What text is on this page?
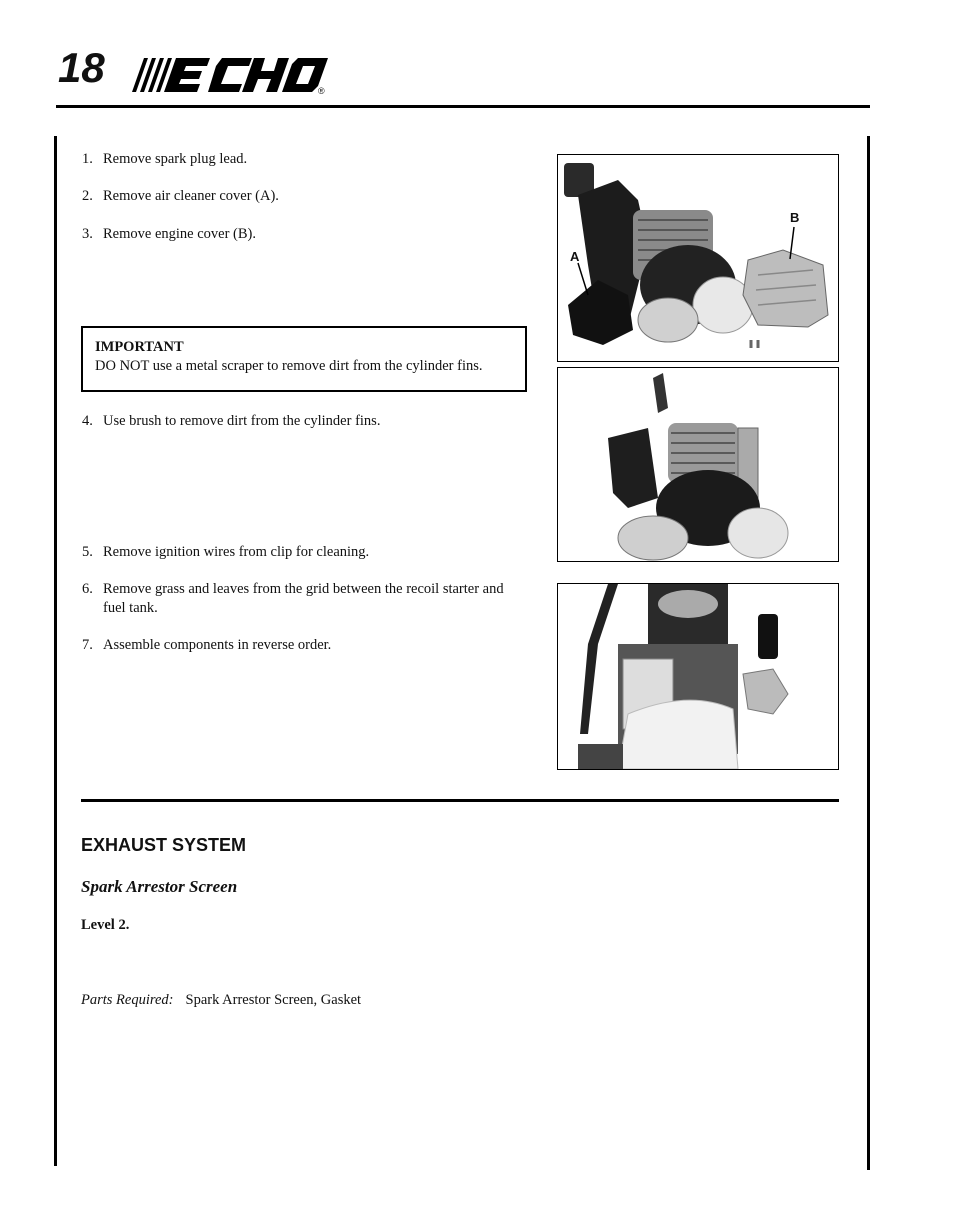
18	®
1. Remove spark plug lead.
2. Remove air cleaner cover (A).
3. Remove engine cover (B).
IMPORTANT
DO NOT use a metal scraper to remove dirt from the cylinder fins.
4. Use brush to remove dirt from the cylinder fins.
5. Remove ignition wires from clip for cleaning.
6. Remove grass and leaves from the grid between the recoil starter and fuel tank.
7. Assemble components in reverse order.
B
A
EXHAUST SYSTEM
Spark Arrestor Screen
Level 2.
Parts Required: Spark Arrestor Screen, Gasket
